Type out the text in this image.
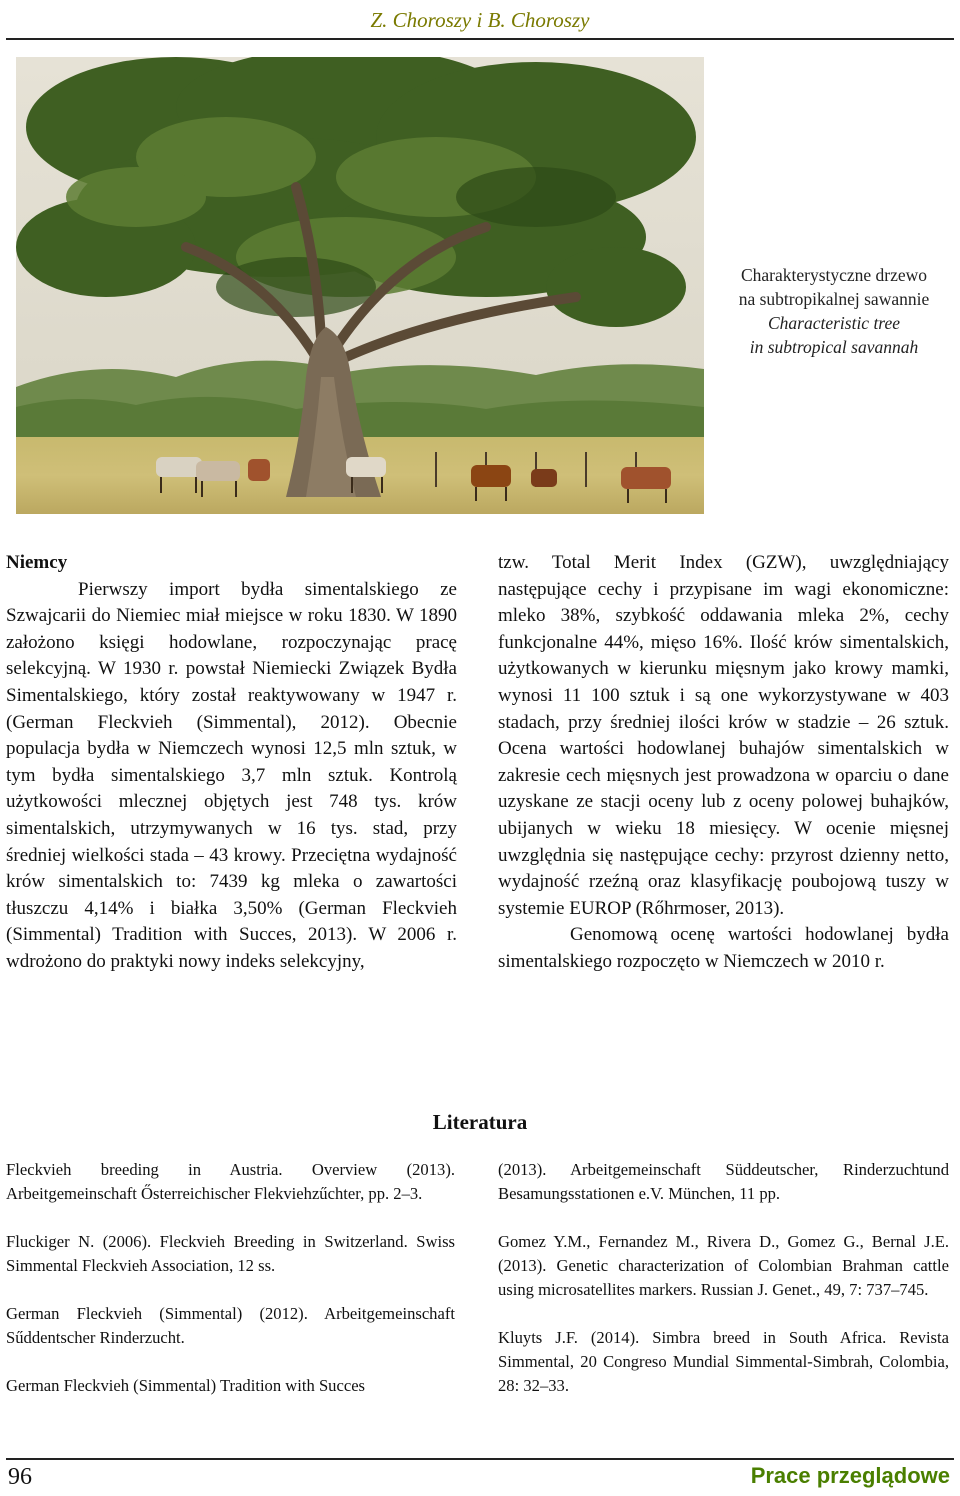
Z. Choroszy i B. Choroszy
Charakterystyczne drzewo
na subtropikalnej sawannie
Characteristic tree
in subtropical savannah

Niemcy

Pierwszy import bydła simentalskiego ze Szwajcarii do Niemiec miał miejsce w roku 1830. W 1890 założono księgi hodowlane, rozpoczynając pracę selekcyjną. W 1930 r. powstał Niemiecki Związek Bydła Simentalskiego, który został reaktywowany w 1947 r. (German Fleckvieh (Simmental), 2012). Obecnie populacja bydła w Niemczech wynosi 12,5 mln sztuk, w tym bydła simentalskiego 3,7 mln sztuk. Kontrolą użytkowości mlecznej objętych jest 748 tys. krów simentalskich, utrzymywanych w 16 tys. stad, przy średniej wielkości stada – 43 krowy. Przeciętna wydajność krów simentalskich to: 7439 kg mleka o zawartości tłuszczu 4,14% i białka 3,50% (German Fleckvieh (Simmental) Tradition with Succes, 2013). W 2006 r. wdrożono do praktyki nowy indeks selekcyjny,

tzw. Total Merit Index (GZW), uwzględniający następujące cechy i przypisane im wagi ekonomiczne: mleko 38%, szybkość oddawania mleka 2%, cechy funkcjonalne 44%, mięso 16%. Ilość krów simentalskich, użytkowanych w kierunku mięsnym jako krowy mamki, wynosi 11 100 sztuk i są one wykorzystywane w 403 stadach, przy średniej ilości krów w stadzie – 26 sztuk. Ocena wartości hodowlanej buhajów simentalskich w zakresie cech mięsnych jest prowadzona w oparciu o dane uzyskane ze stacji oceny lub z oceny polowej buhajków, ubijanych w wieku 18 miesięcy. W ocenie mięsnej uwzględnia się następujące cechy: przyrost dzienny netto, wydajność rzeźną oraz klasyfikację poubojową tuszy w systemie EUROP (Rőhrmoser, 2013).

Genomową ocenę wartości hodowlanej bydła simentalskiego rozpoczęto w Niemczech w 2010 r.

Literatura

Fleckvieh breeding in Austria. Overview (2013). Arbeitgemeinschaft Ősterreichischer Flekviehzűchter, pp. 2–3.

Fluckiger N. (2006). Fleckvieh Breeding in Switzerland. Swiss Simmental Fleckvieh Association, 12 ss.

German Fleckvieh (Simmental) (2012). Arbeitgemeinschaft Sűddentscher Rinderzucht.

German Fleckvieh (Simmental) Tradition with Succes

(2013). Arbeitgemeinschaft Süddeutscher, Rinderzuchtund Besamungsstationen e.V. München, 11 pp.

Gomez Y.M., Fernandez M., Rivera D., Gomez G., Bernal J.E. (2013). Genetic characterization of Colombian Brahman cattle using microsatellites markers. Russian J. Genet., 49, 7: 737–745.

Kluyts J.F. (2014). Simbra breed in South Africa. Revista Simmental, 20 Congreso Mundial Simmental-Simbrah, Colombia, 28: 32–33.

96	Prace przeglądowe
